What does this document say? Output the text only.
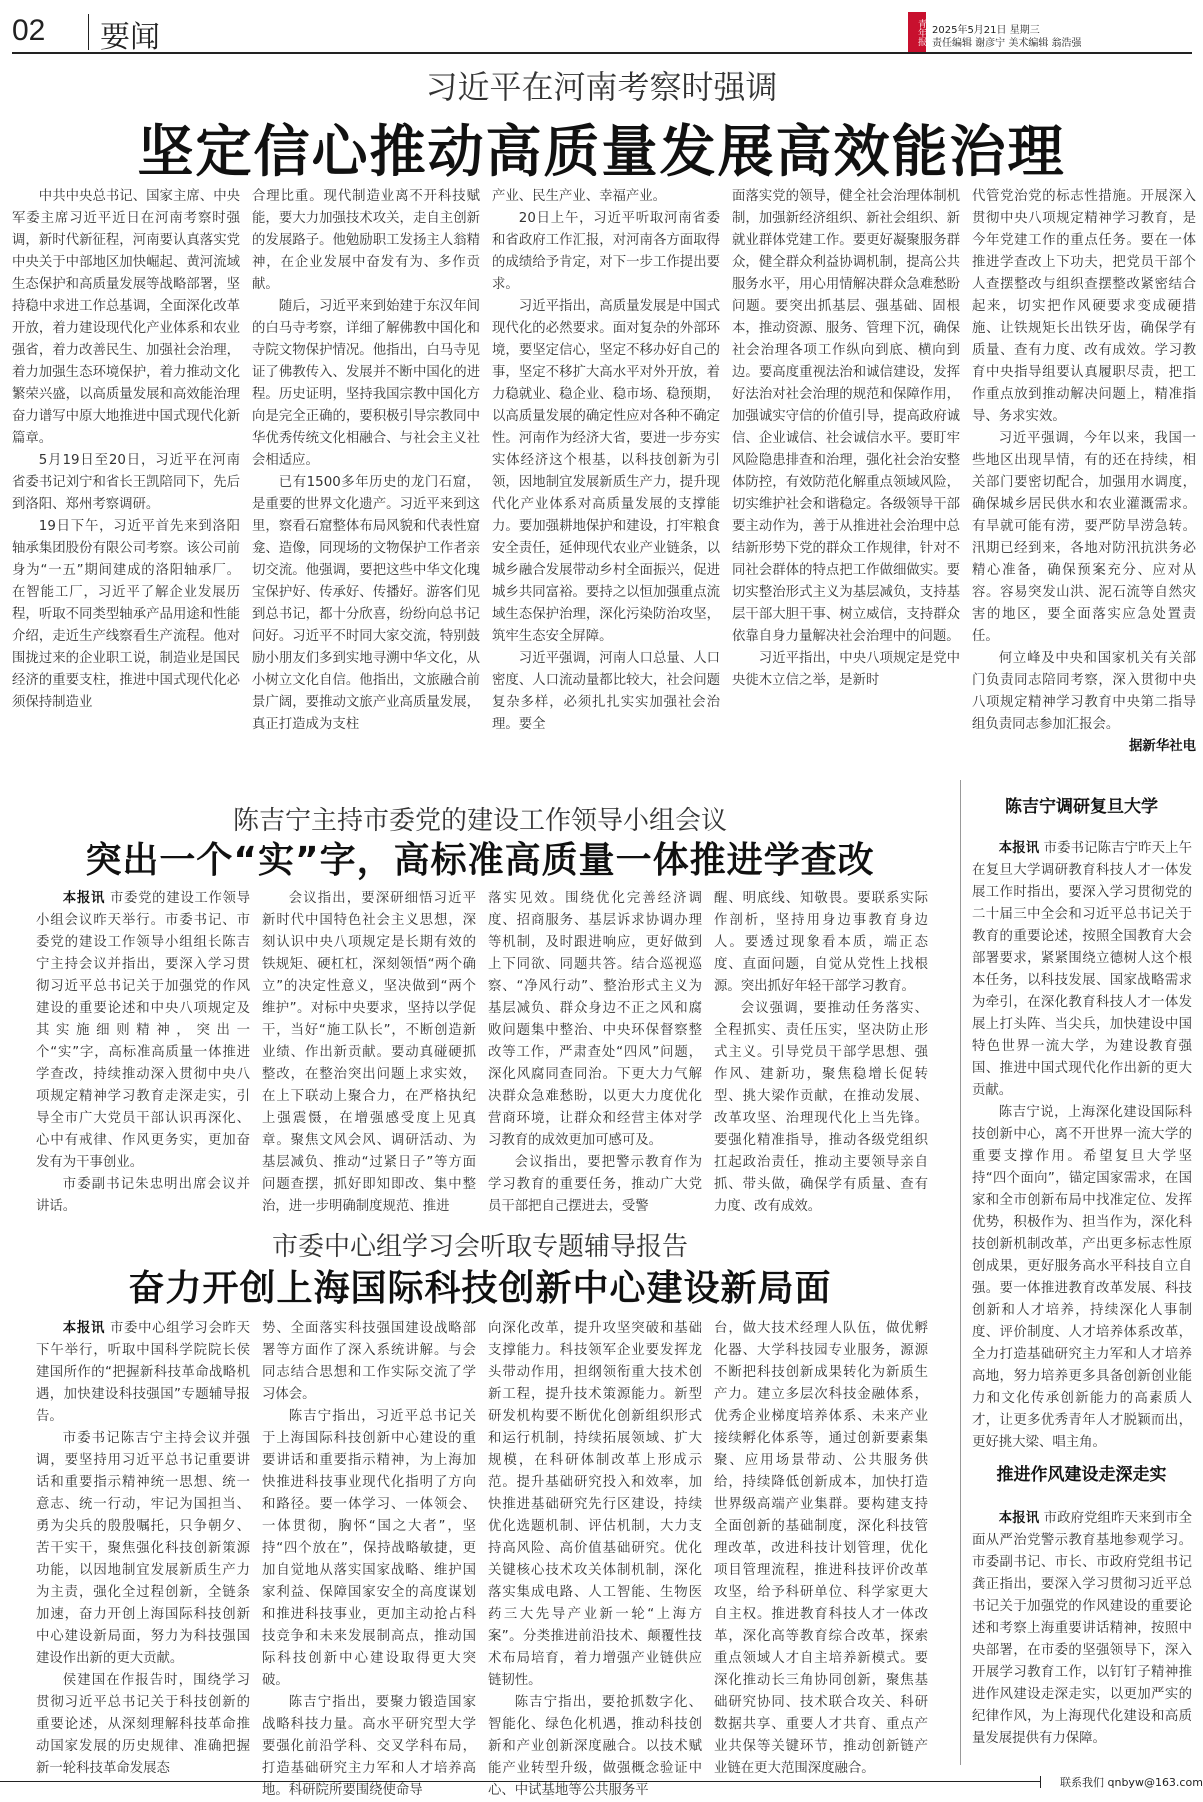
02 要闻	青年报 2025年5月21日 星期三
责任编辑 谢彦宁 美术编辑 翁浩强
习近平在河南考察时强调
坚定信心推动高质量发展高效能治理

中共中央总书记、国家主席、中央军委主席习近平近日在河南考察时强调，新时代新征程，河南要认真落实党中央关于中部地区加快崛起、黄河流域生态保护和高质量发展等战略部署，坚持稳中求进工作总基调，全面深化改革开放，着力建设现代化产业体系和农业强省，着力改善民生、加强社会治理，着力加强生态环境保护，着力推动文化繁荣兴盛，以高质量发展和高效能治理奋力谱写中原大地推进中国式现代化新篇章。

5月19日至20日，习近平在河南省委书记刘宁和省长王凯陪同下，先后到洛阳、郑州考察调研。

19日下午，习近平首先来到洛阳轴承集团股份有限公司考察。该公司前身为“一五”期间建成的洛阳轴承厂。在智能工厂，习近平了解企业发展历程，听取不同类型轴承产品用途和性能介绍，走近生产线察看生产流程。他对围拢过来的企业职工说，制造业是国民经济的重要支柱，推进中国式现代化必须保持制造业

合理比重。现代制造业离不开科技赋能，要大力加强技术攻关，走自主创新的发展路子。他勉励职工发扬主人翁精神，在企业发展中奋发有为、多作贡献。

随后，习近平来到始建于东汉年间的白马寺考察，详细了解佛教中国化和寺院文物保护情况。他指出，白马寺见证了佛教传入、发展并不断中国化的进程。历史证明，坚持我国宗教中国化方向是完全正确的，要积极引导宗教同中华优秀传统文化相融合、与社会主义社会相适应。

已有1500多年历史的龙门石窟，是重要的世界文化遗产。习近平来到这里，察看石窟整体布局风貌和代表性窟龛、造像，同现场的文物保护工作者亲切交流。他强调，要把这些中华文化瑰宝保护好、传承好、传播好。游客们见到总书记，都十分欣喜，纷纷向总书记问好。习近平不时同大家交流，特别鼓励小朋友们多到实地寻溯中华文化，从小树立文化自信。他指出，文旅融合前景广阔，要推动文旅产业高质量发展，真正打造成为支柱

产业、民生产业、幸福产业。

20日上午，习近平听取河南省委和省政府工作汇报，对河南各方面取得的成绩给予肯定，对下一步工作提出要求。

习近平指出，高质量发展是中国式现代化的必然要求。面对复杂的外部环境，要坚定信心，坚定不移办好自己的事，坚定不移扩大高水平对外开放，着力稳就业、稳企业、稳市场、稳预期，以高质量发展的确定性应对各种不确定性。河南作为经济大省，要进一步夯实实体经济这个根基，以科技创新为引领，因地制宜发展新质生产力，提升现代化产业体系对高质量发展的支撑能力。要加强耕地保护和建设，打牢粮食安全责任，延伸现代农业产业链条，以城乡融合发展带动乡村全面振兴，促进城乡共同富裕。要持之以恒加强重点流域生态保护治理，深化污染防治攻坚，筑牢生态安全屏障。

习近平强调，河南人口总量、人口密度、人口流动量都比较大，社会问题复杂多样，必须扎扎实实加强社会治理。要全

面落实党的领导，健全社会治理体制机制，加强新经济组织、新社会组织、新就业群体党建工作。要更好凝聚服务群众，健全群众利益协调机制，提高公共服务水平，用心用情解决群众急难愁盼问题。要突出抓基层、强基础、固根本，推动资源、服务、管理下沉，确保社会治理各项工作纵向到底、横向到边。要高度重视法治和诚信建设，发挥好法治对社会治理的规范和保障作用，加强诚实守信的价值引导，提高政府诚信、企业诚信、社会诚信水平。要盯牢风险隐患排查和治理，强化社会治安整体防控，有效防范化解重点领域风险，切实维护社会和谐稳定。各级领导干部要主动作为，善于从推进社会治理中总结新形势下党的群众工作规律，针对不同社会群体的特点把工作做细做实。要切实整治形式主义为基层减负，支持基层干部大胆干事、树立威信，支持群众依靠自身力量解决社会治理中的问题。

习近平指出，中央八项规定是党中央徙木立信之举，是新时

代管党治党的标志性措施。开展深入贯彻中央八项规定精神学习教育，是今年党建工作的重点任务。要在一体推进学查改上下功夫，把党员干部个人查摆整改与组织查摆整改紧密结合起来，切实把作风硬要求变成硬措施、让铁规矩长出铁牙齿，确保学有质量、查有力度、改有成效。学习教育中央指导组要认真履职尽责，把工作重点放到推动解决问题上，精准指导、务求实效。

习近平强调，今年以来，我国一些地区出现旱情，有的还在持续，相关部门要密切配合，加强用水调度，确保城乡居民供水和农业灌溉需求。有旱就可能有涝，要严防旱涝急转。汛期已经到来，各地对防汛抗洪务必精心准备，确保预案充分、应对从容。容易突发山洪、泥石流等自然灾害的地区，要全面落实应急处置责任。

何立峰及中央和国家机关有关部门负责同志陪同考察，深入贯彻中央八项规定精神学习教育中央第二指导组负责同志参加汇报会。

据新华社电
陈吉宁主持市委党的建设工作领导小组会议
突出一个“实”字，高标准高质量一体推进学查改

本报讯 市委党的建设工作领导小组会议昨天举行。市委书记、市委党的建设工作领导小组组长陈吉宁主持会议并指出，要深入学习贯彻习近平总书记关于加强党的作风建设的重要论述和中央八项规定及其实施细则精神，突出一个“实”字，高标准高质量一体推进学查改，持续推动深入贯彻中央八项规定精神学习教育走深走实，引导全市广大党员干部认识再深化、心中有戒律、作风更务实，更加奋发有为干事创业。

市委副书记朱忠明出席会议并讲话。

会议指出，要深研细悟习近平新时代中国特色社会主义思想，深刻认识中央八项规定是长期有效的铁规矩、硬杠杠，深刻领悟“两个确立”的决定性意义，坚决做到“两个维护”。对标中央要求，坚持以学促干，当好“施工队长”，不断创造新业绩、作出新贡献。要动真碰硬抓整改，在整治突出问题上求实效，在上下联动上聚合力，在严格执纪上强震慑，在增强感受度上见真章。聚焦文风会风、调研活动、为基层减负、推动“过紧日子”等方面问题查摆，抓好即知即改、集中整治，进一步明确制度规范、推进

落实见效。围绕优化完善经济调度、招商服务、基层诉求协调办理等机制，及时跟进响应，更好做到上下同欲、同题共答。结合巡视巡察、“净风行动”、整治形式主义为基层减负、群众身边不正之风和腐败问题集中整治、中央环保督察整改等工作，严肃查处“四风”问题，深化风腐同查同治。下更大力气解决群众急难愁盼，以更大力度优化营商环境，让群众和经营主体对学习教育的成效更加可感可及。

会议指出，要把警示教育作为学习教育的重要任务，推动广大党员干部把自己摆进去，受警

醒、明底线、知敬畏。要联系实际作剖析，坚持用身边事教育身边人。要透过现象看本质，端正态度、直面问题，自觉从党性上找根源。突出抓好年轻干部学习教育。

会议强调，要推动任务落实、全程抓实、责任压实，坚决防止形式主义。引导党员干部学思想、强作风、建新功，聚焦稳增长促转型、挑大梁作贡献，在推动发展、改革攻坚、治理现代化上当先锋。要强化精准指导，推动各级党组织扛起政治责任，推动主要领导亲自抓、带头做，确保学有质量、查有力度、改有成效。

市委中心组学习会听取专题辅导报告
奋力开创上海国际科技创新中心建设新局面

本报讯 市委中心组学习会昨天下午举行，听取中国科学院院长侯建国所作的“把握新科技革命战略机遇，加快建设科技强国”专题辅导报告。

市委书记陈吉宁主持会议并强调，要坚持用习近平总书记重要讲话和重要指示精神统一思想、统一意志、统一行动，牢记为国担当、勇为尖兵的殷殷嘱托，只争朝夕、苦干实干，聚焦强化科技创新策源功能，以因地制宜发展新质生产力为主责，强化全过程创新，全链条加速，奋力开创上海国际科技创新中心建设新局面，努力为科技强国建设作出新的更大贡献。

侯建国在作报告时，围绕学习贯彻习近平总书记关于科技创新的重要论述，从深刻理解科技革命推动国家发展的历史规律、准确把握新一轮科技革命发展态

势、全面落实科技强国建设战略部署等方面作了深入系统讲解。与会同志结合思想和工作实际交流了学习体会。

陈吉宁指出，习近平总书记关于上海国际科技创新中心建设的重要讲话和重要指示精神，为上海加快推进科技事业现代化指明了方向和路径。要一体学习、一体领会、一体贯彻，胸怀“国之大者”，坚持“四个放在”，保持战略敏捷，更加自觉地从落实国家战略、维护国家利益、保障国家安全的高度谋划和推进科技事业，更加主动抢占科技竞争和未来发展制高点，推动国际科技创新中心建设取得更大突破。

陈吉宁指出，要聚力锻造国家战略科技力量。高水平研究型大学要强化前沿学科、交叉学科布局，打造基础研究主力军和人才培养高地。科研院所要围绕使命导

向深化改革，提升攻坚突破和基础支撑能力。科技领军企业要发挥龙头带动作用，担纲领衔重大技术创新工程，提升技术策源能力。新型研发机构要不断优化创新组织形式和运行机制，持续拓展领域、扩大规模，在科研体制改革上形成示范。提升基础研究投入和效率，加快推进基础研究先行区建设，持续优化选题机制、评估机制，大力支持高风险、高价值基础研究。优化关键核心技术攻关体制机制，深化落实集成电路、人工智能、生物医药三大先导产业新一轮“上海方案”。分类推进前沿技术、颠覆性技术布局培育，着力增强产业链供应链韧性。

陈吉宁指出，要抢抓数字化、智能化、绿色化机遇，推动科技创新和产业创新深度融合。以技术赋能产业转型升级，做强概念验证中心、中试基地等公共服务平

台，做大技术经理人队伍，做优孵化器、大学科技园专业服务，源源不断把科技创新成果转化为新质生产力。建立多层次科技金融体系，优秀企业梯度培养体系、未来产业接续孵化体系等，通过创新要素集聚、应用场景带动、公共服务供给，持续降低创新成本，加快打造世界级高端产业集群。要构建支持全面创新的基础制度，深化科技管理改革，改进科技计划管理，优化项目管理流程，推进科技评价改革攻坚，给予科研单位、科学家更大自主权。推进教育科技人才一体改革，深化高等教育综合改革，探索重点领域人才自主培养新模式。要深化推动长三角协同创新，聚焦基础研究协同、技术联合攻关、科研数据共享、重要人才共育、重点产业共保等关键环节，推动创新链产业链在更大范围深度融合。

陈吉宁调研复旦大学

本报讯 市委书记陈吉宁昨天上午在复旦大学调研教育科技人才一体发展工作时指出，要深入学习贯彻党的二十届三中全会和习近平总书记关于教育的重要论述，按照全国教育大会部署要求，紧紧围绕立德树人这个根本任务，以科技发展、国家战略需求为牵引，在深化教育科技人才一体发展上打头阵、当尖兵，加快建设中国特色世界一流大学，为建设教育强国、推进中国式现代化作出新的更大贡献。

陈吉宁说，上海深化建设国际科技创新中心，离不开世界一流大学的重要支撑作用。希望复旦大学坚持“四个面向”，锚定国家需求，在国家和全市创新布局中找准定位、发挥优势，积极作为、担当作为，深化科技创新机制改革，产出更多标志性原创成果，更好服务高水平科技自立自强。要一体推进教育改革发展、科技创新和人才培养，持续深化人事制度、评价制度、人才培养体系改革，全力打造基础研究主力军和人才培养高地，努力培养更多具备创新创业能力和文化传承创新能力的高素质人才，让更多优秀青年人才脱颖而出，更好挑大梁、唱主角。

推进作风建设走深走实

本报讯 市政府党组昨天来到市全面从严治党警示教育基地参观学习。市委副书记、市长、市政府党组书记龚正指出，要深入学习贯彻习近平总书记关于加强党的作风建设的重要论述和考察上海重要讲话精神，按照中央部署，在市委的坚强领导下，深入开展学习教育工作，以钉钉子精神推进作风建设走深走实，以更加严实的纪律作风，为上海现代化建设和高质量发展提供有力保障。

联系我们 qnbyw@163.com
